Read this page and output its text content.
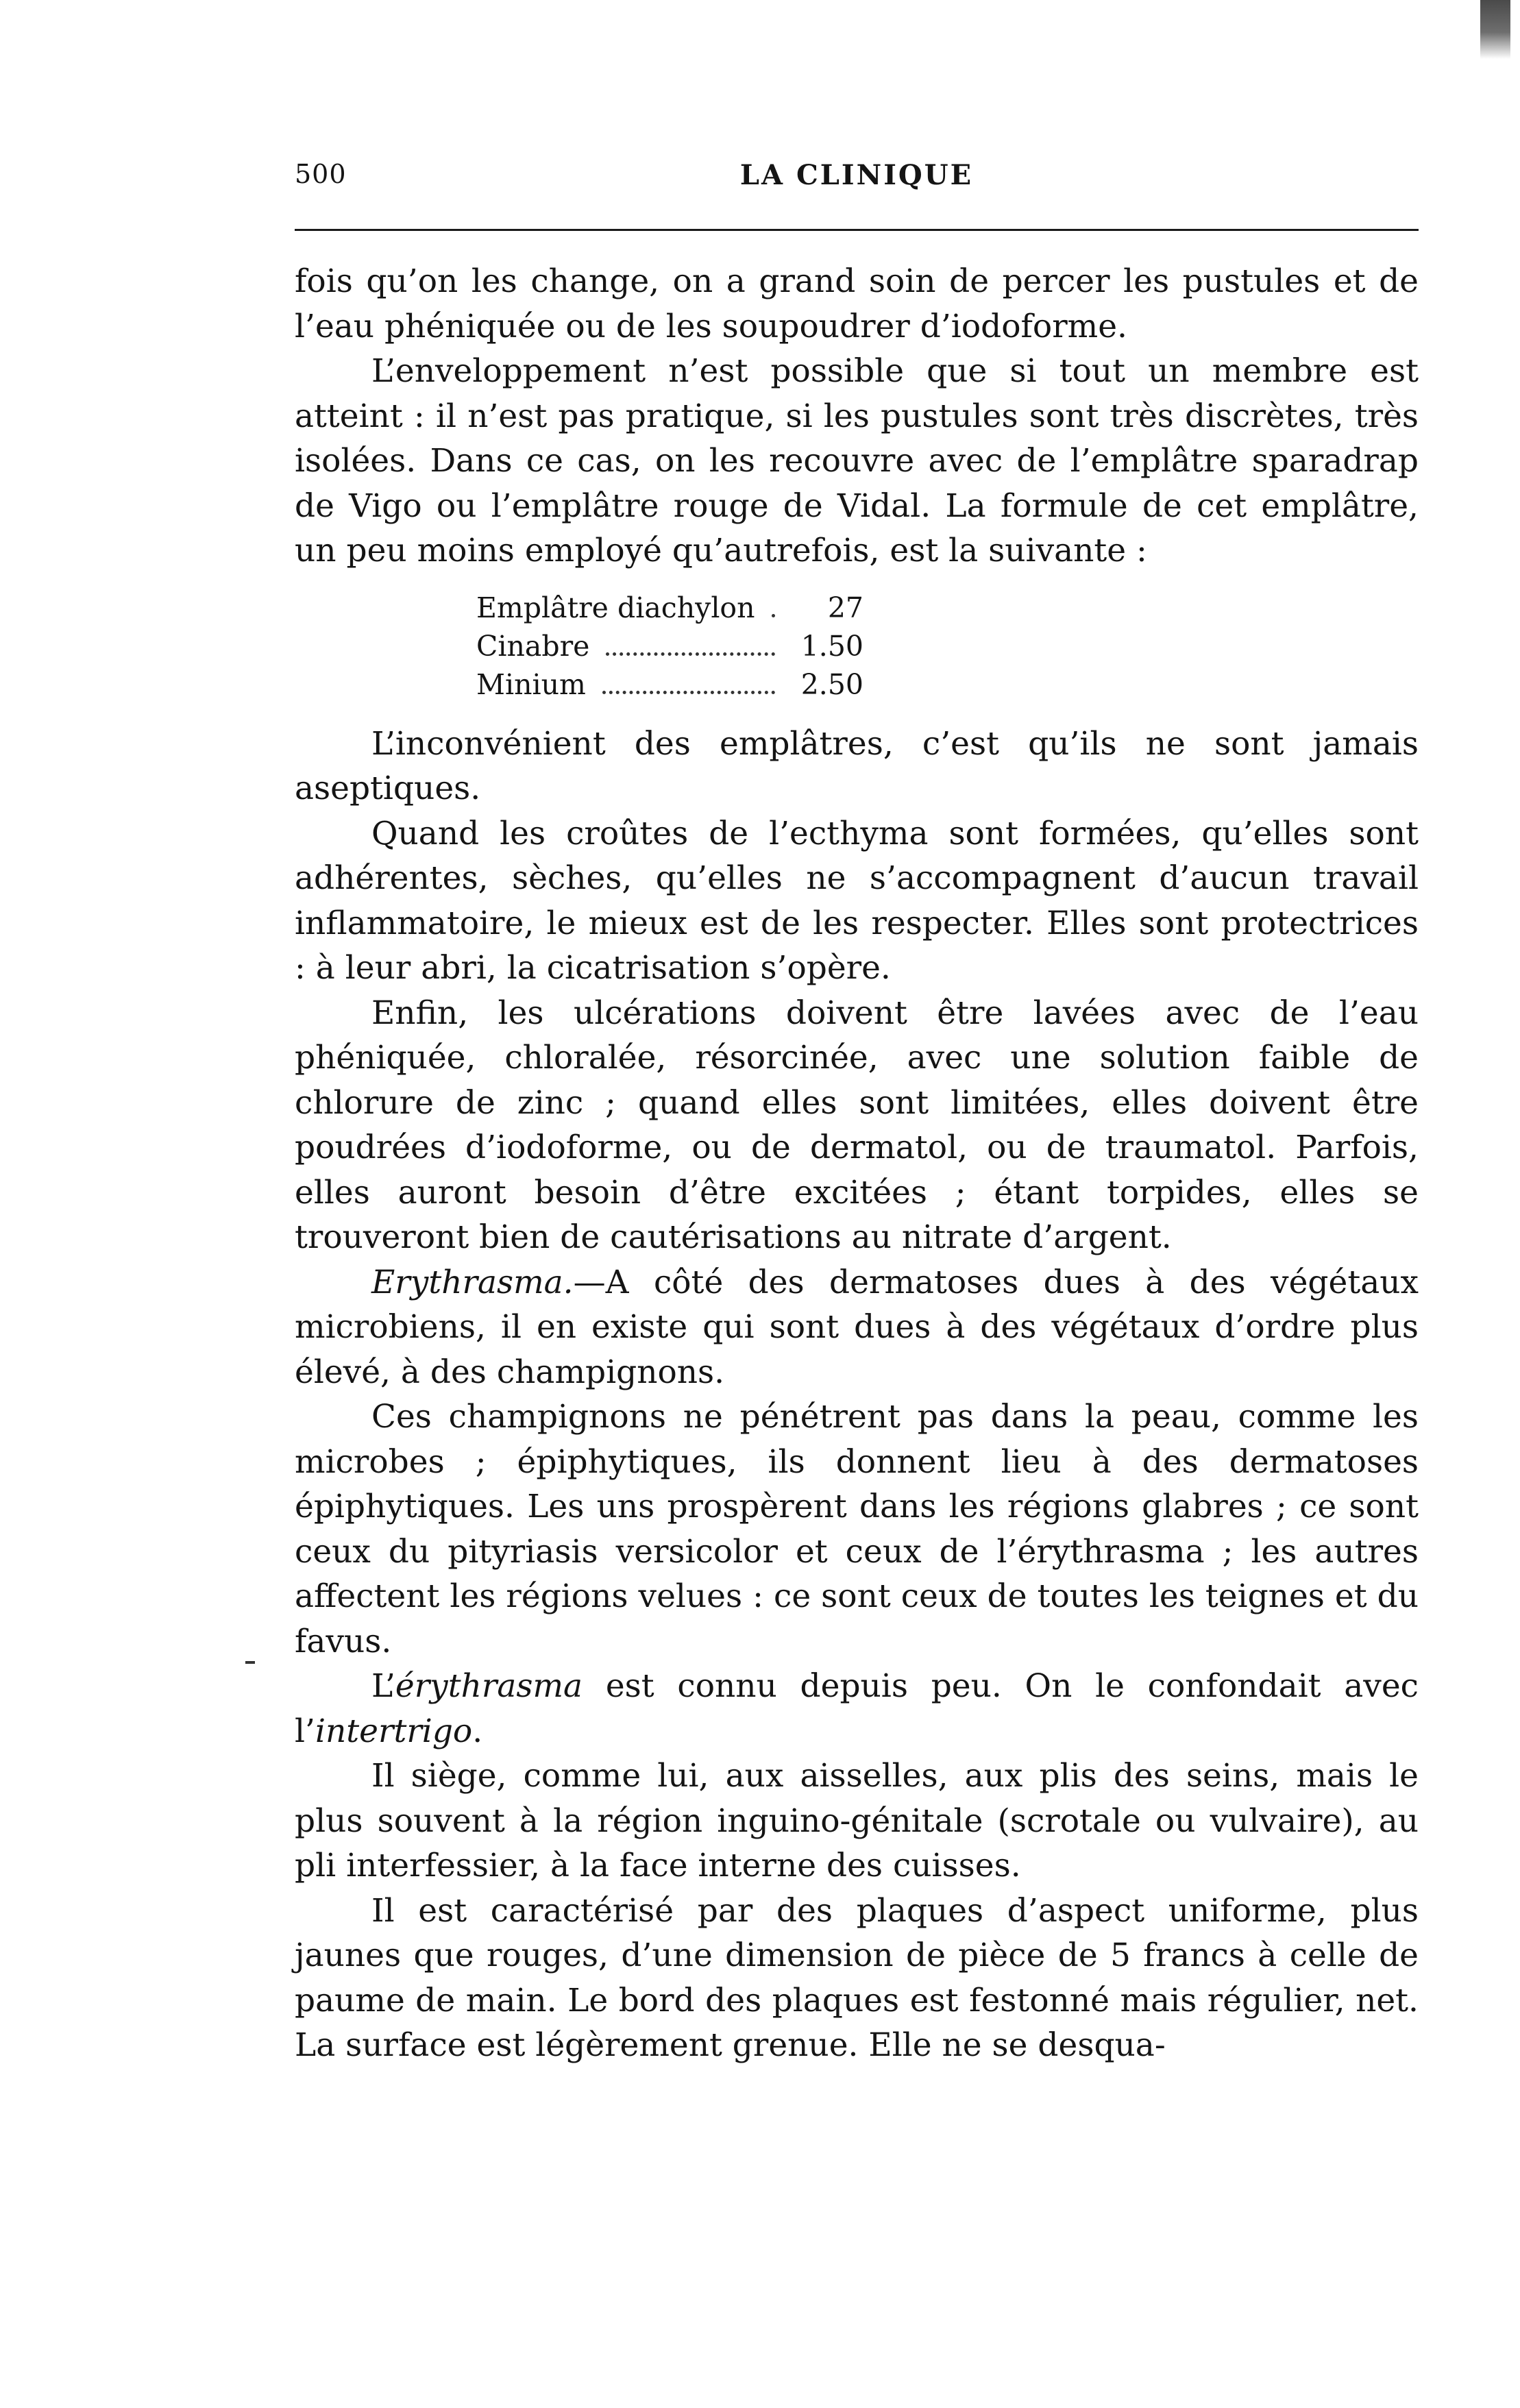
500	LA CLINIQUE

fois qu’on les change, on a grand soin de percer les pustules et de l’eau phéniquée ou de les soupoudrer d’iodoforme.

L’enveloppement n’est possible que si tout un membre est atteint : il n’est pas pratique, si les pustules sont très discrètes, très isolées. Dans ce cas, on les recouvre avec de l’emplâtre sparadrap de Vigo ou l’emplâtre rouge de Vidal. La formule de cet emplâtre, un peu moins employé qu’autrefois, est la suivante :

Emplâtre diachylon	27
Cinabre	1.50
Minium	2.50

L’inconvénient des emplâtres, c’est qu’ils ne sont jamais aseptiques.

Quand les croûtes de l’ecthyma sont formées, qu’elles sont adhérentes, sèches, qu’elles ne s’accompagnent d’aucun travail inflammatoire, le mieux est de les respecter. Elles sont protectrices : à leur abri, la cicatrisation s’opère.

Enfin, les ulcérations doivent être lavées avec de l’eau phéniquée, chloralée, résorcinée, avec une solution faible de chlorure de zinc ; quand elles sont limitées, elles doivent être poudrées d’iodoforme, ou de dermatol, ou de traumatol. Parfois, elles auront besoin d’être excitées ; étant torpides, elles se trouveront bien de cautérisations au nitrate d’argent.

Erythrasma.—A côté des dermatoses dues à des végétaux microbiens, il en existe qui sont dues à des végétaux d’ordre plus élevé, à des champignons.

Ces champignons ne pénétrent pas dans la peau, comme les microbes ; épiphytiques, ils donnent lieu à des dermatoses épiphytiques. Les uns prospèrent dans les régions glabres ; ce sont ceux du pityriasis versicolor et ceux de l’érythrasma ; les autres affectent les régions velues : ce sont ceux de toutes les teignes et du favus.

L’érythrasma est connu depuis peu. On le confondait avec l’intertrigo.

Il siège, comme lui, aux aisselles, aux plis des seins, mais le plus souvent à la région inguino-génitale (scrotale ou vulvaire), au pli interfessier, à la face interne des cuisses.

Il est caractérisé par des plaques d’aspect uniforme, plus jaunes que rouges, d’une dimension de pièce de 5 francs à celle de paume de main. Le bord des plaques est festonné mais régulier, net. La surface est légèrement grenue. Elle ne se desqua-
